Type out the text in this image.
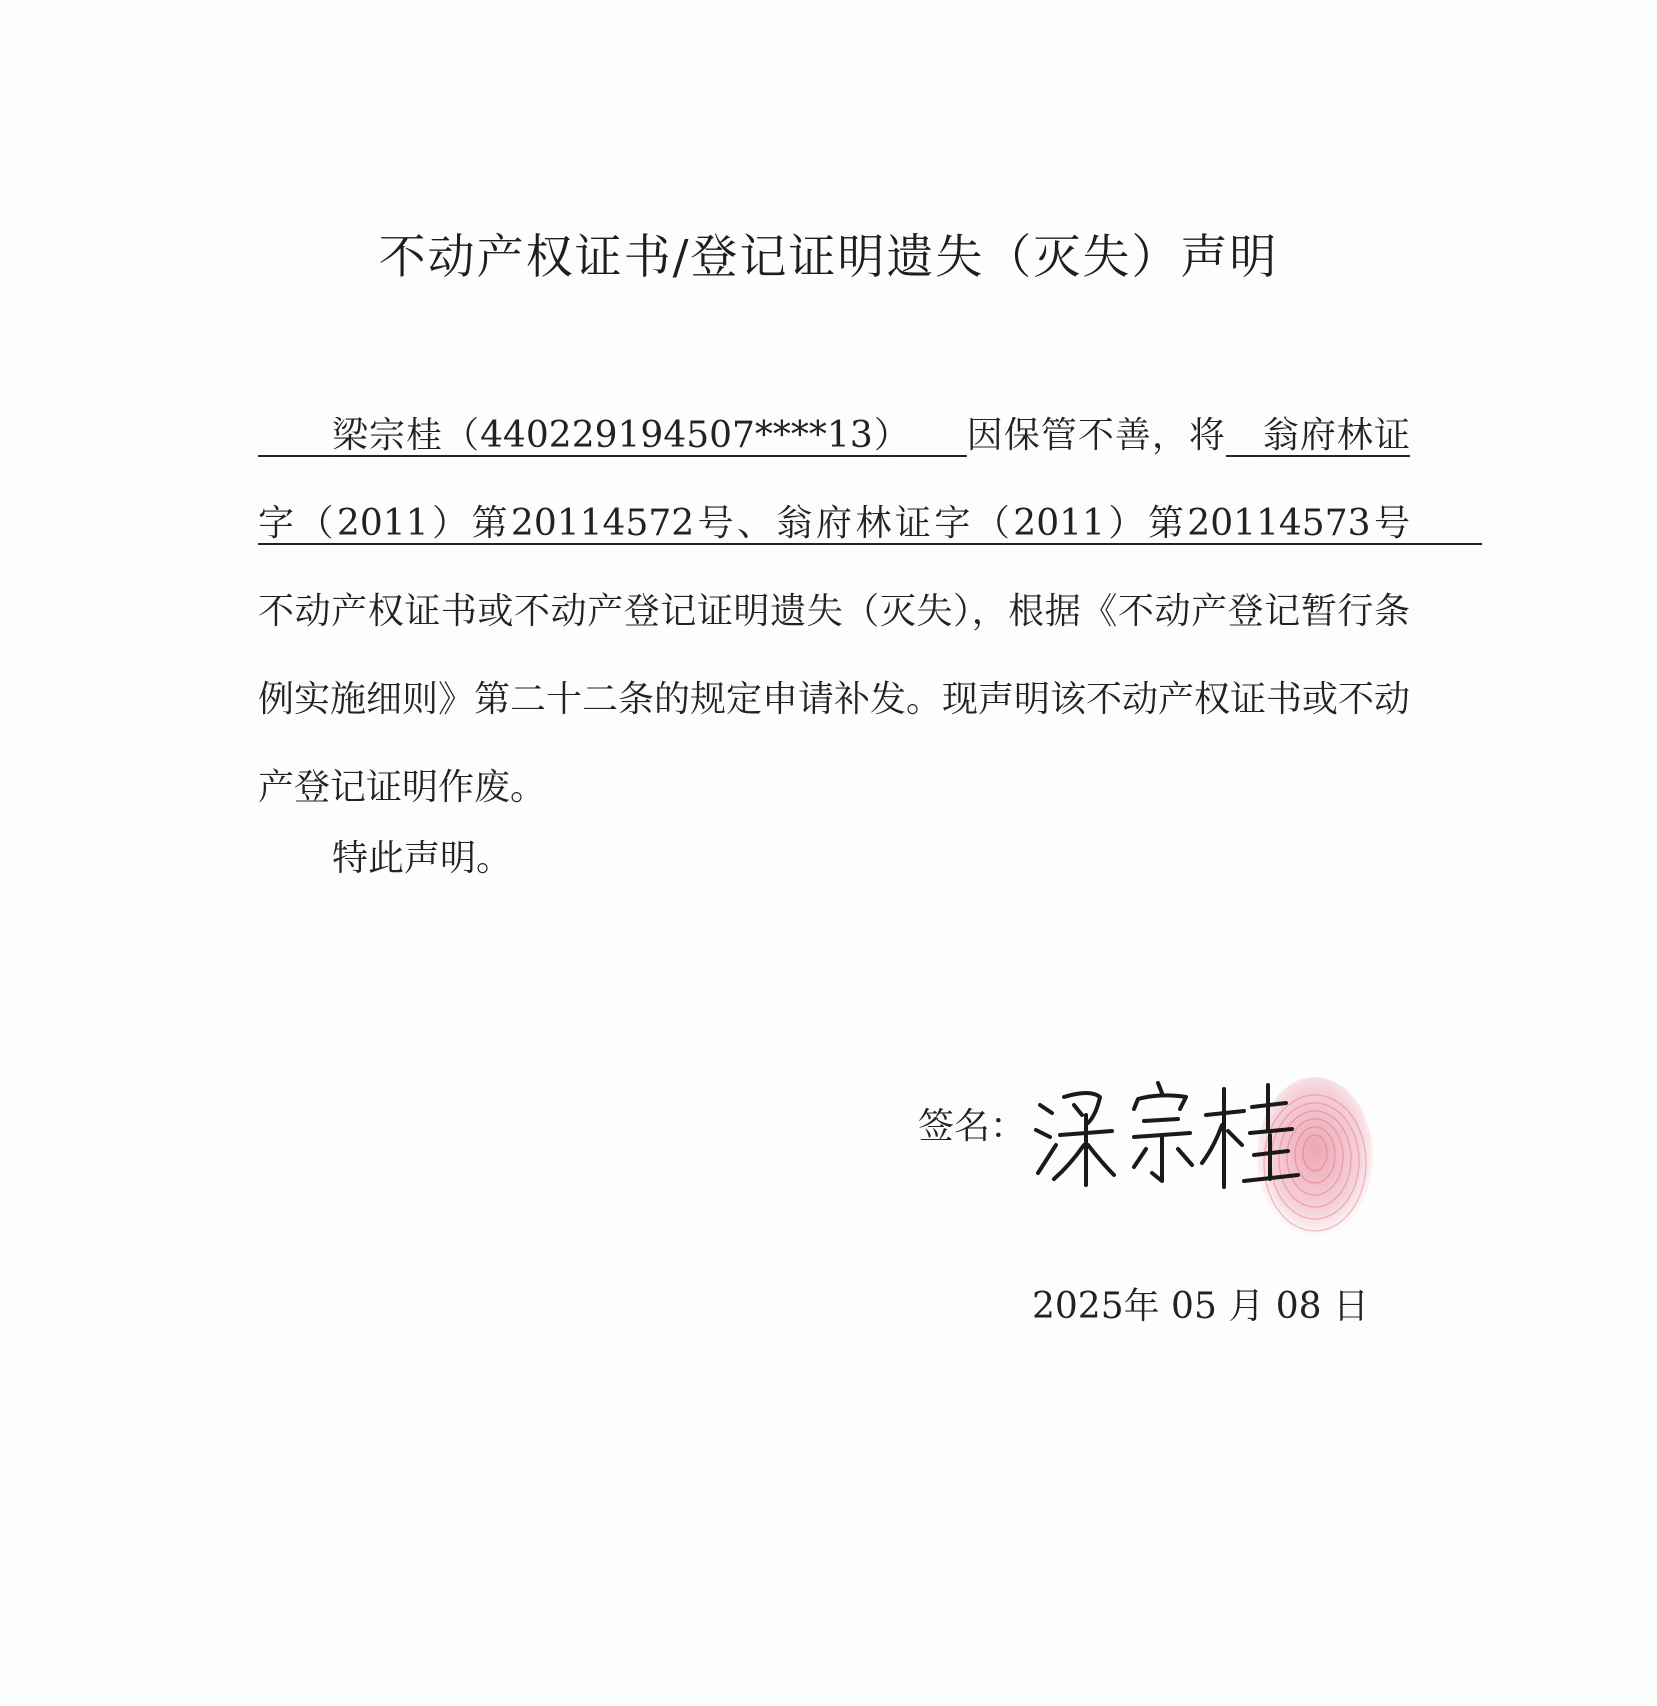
不动产权证书/登记证明遗失（灭失）声明
　　梁宗桂（440229194507****13）　　 因保管不善，将　 翁府林证字（2011）第20114572号、翁府林证字（2011）第20114573号　　不动产权证书或不动产登记证明遗失（灭失），根据《不动产登记暂行条例实施细则》第二十二条的规定申请补发。现声明该不动产权证书或不动产登记证明作废。
特此声明。
签名：
2025年 05 月 08 日
